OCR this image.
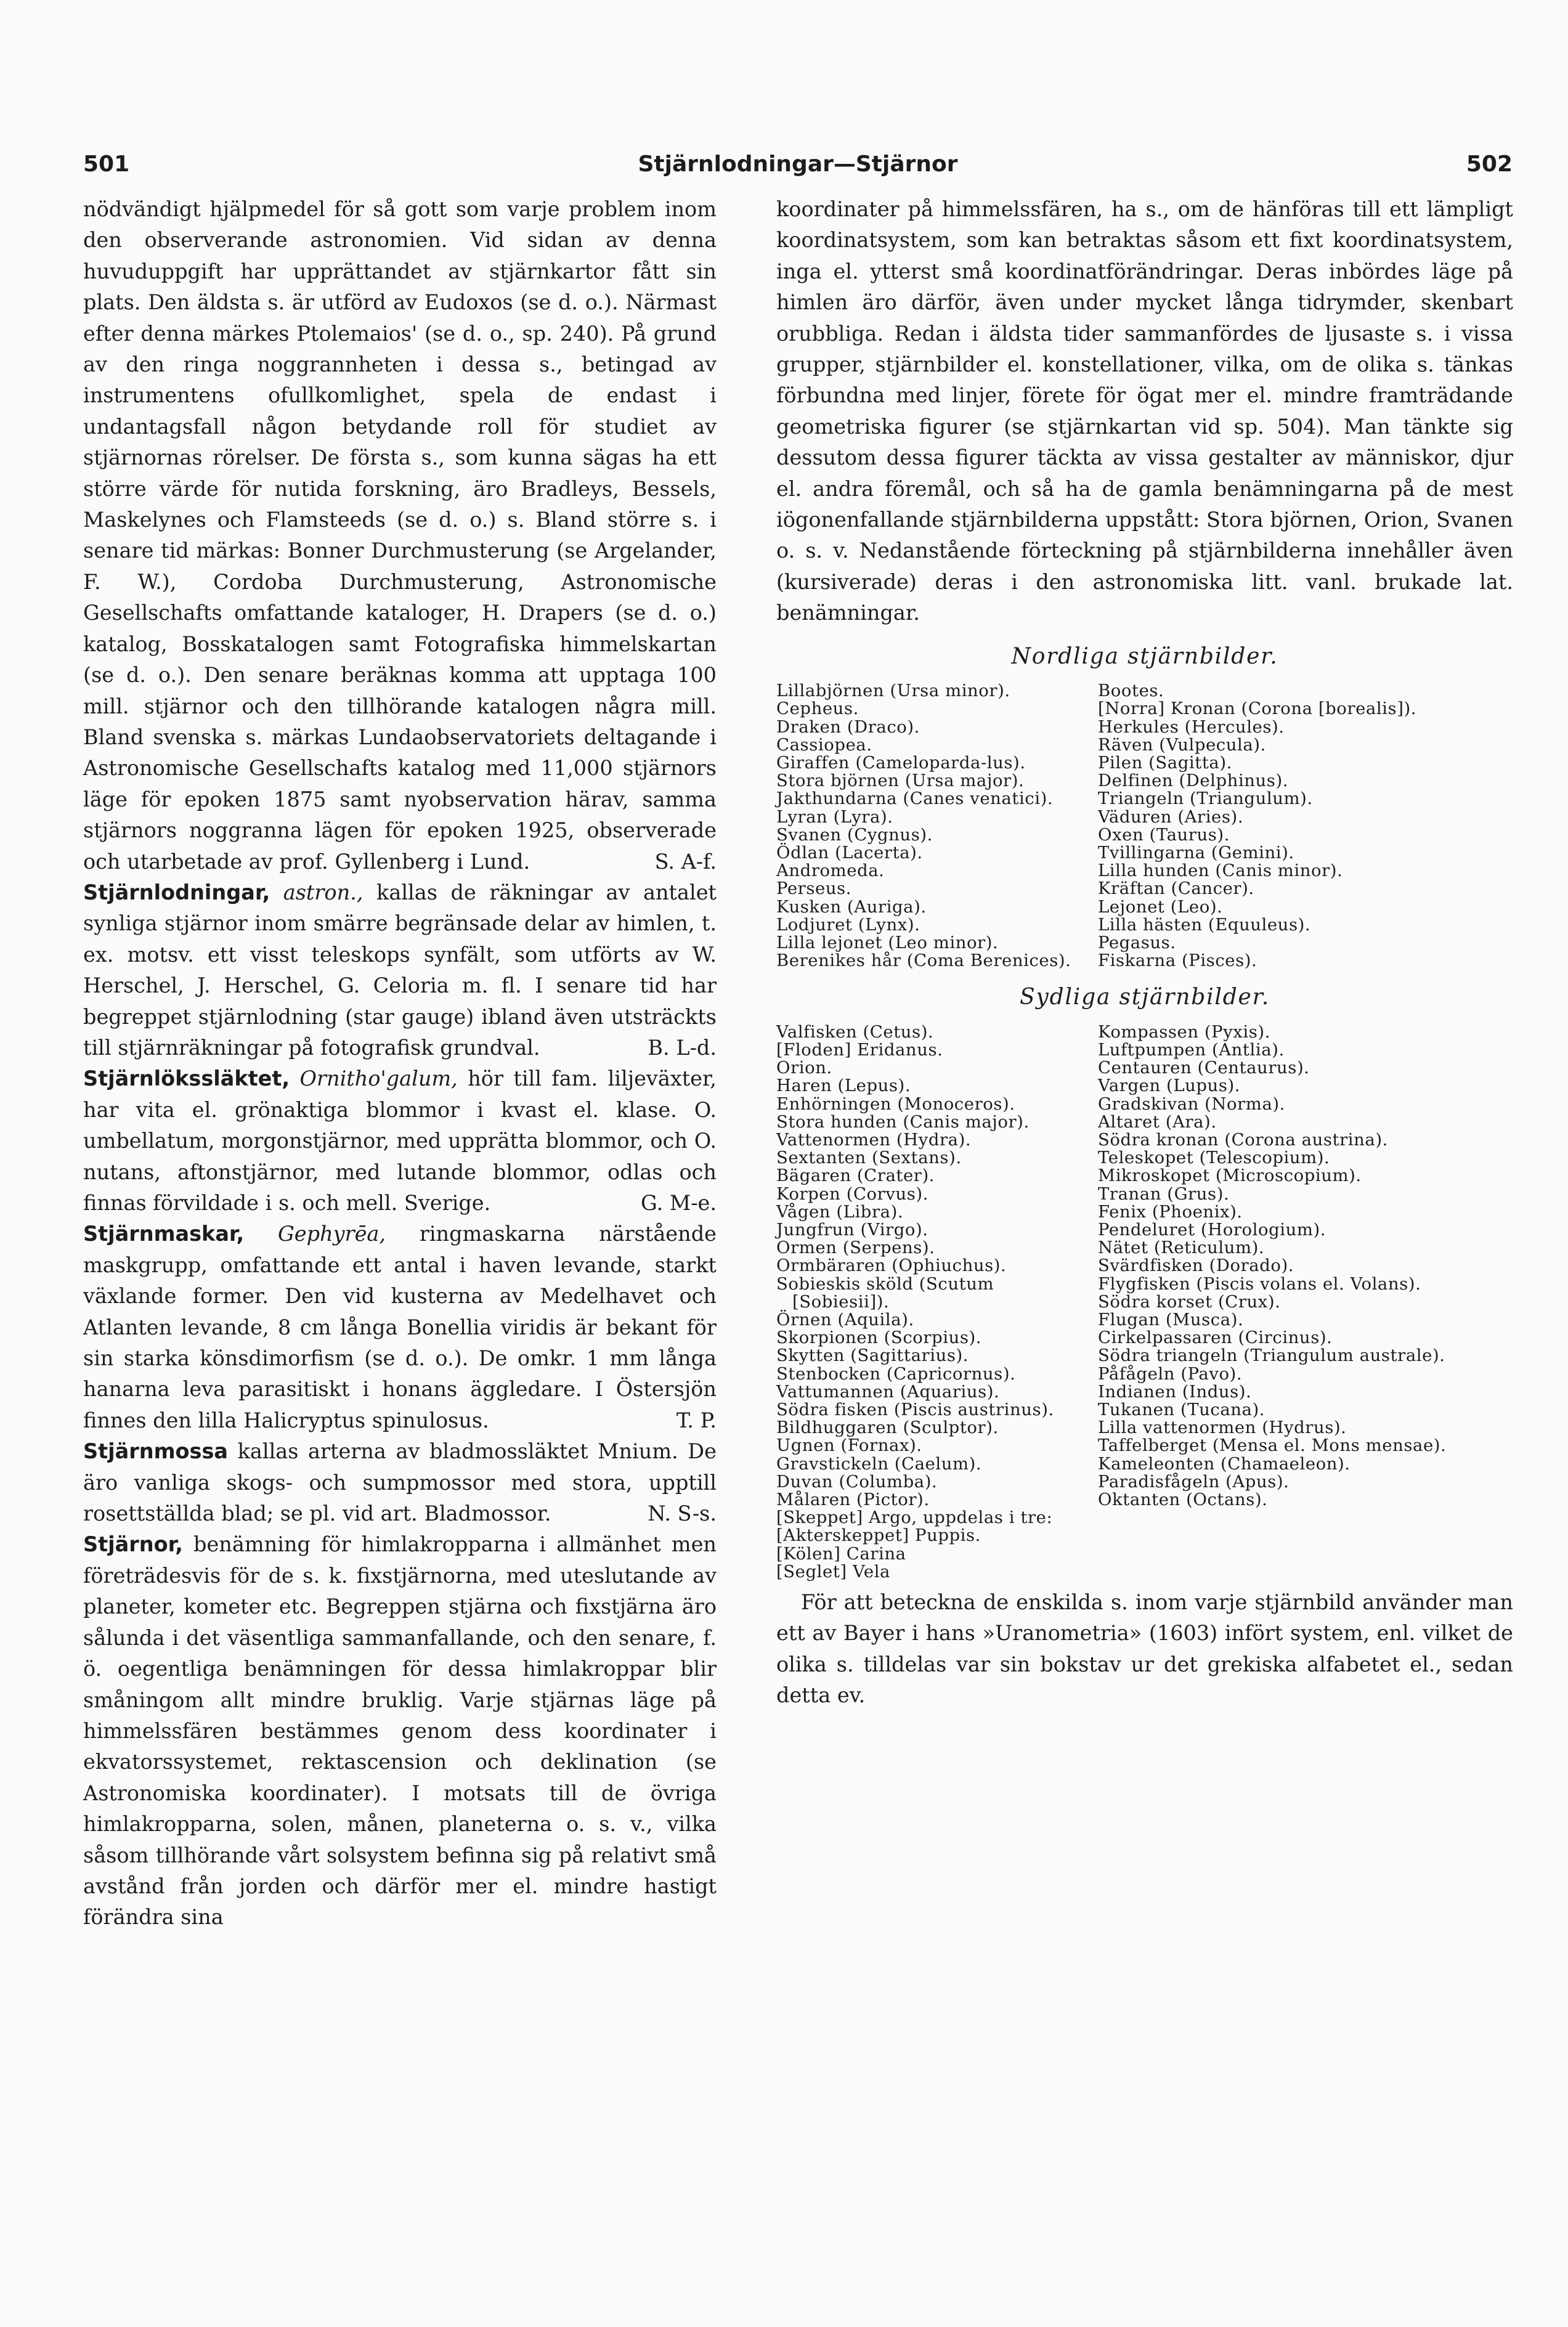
501	Stjärnlodningar—Stjärnor	502

nödvändigt hjälpmedel för så gott som varje problem inom den observerande astronomien. Vid sidan av denna huvuduppgift har upprättandet av stjärnkartor fått sin plats. Den äldsta s. är utförd av Eudoxos (se d. o.). Närmast efter denna märkes Ptolemaios' (se d. o., sp. 240). På grund av den ringa noggrannheten i dessa s., betingad av instrumentens ofullkomlighet, spela de endast i undantagsfall någon betydande roll för studiet av stjärnornas rörelser. De första s., som kunna sägas ha ett större värde för nutida forskning, äro Bradleys, Bessels, Maskelynes och Flamsteeds (se d. o.) s. Bland större s. i senare tid märkas: Bonner Durchmusterung (se Argelander, F. W.), Cordoba Durchmusterung, Astronomische Gesellschafts omfattande kataloger, H. Drapers (se d. o.) katalog, Bosskatalogen samt Fotografiska himmelskartan (se d. o.). Den senare beräknas komma att upptaga 100 mill. stjärnor och den tillhörande katalogen några mill. Bland svenska s. märkas Lundaobservatoriets deltagande i Astronomische Gesellschafts katalog med 11,000 stjärnors läge för epoken 1875 samt nyobservation härav, samma stjärnors noggranna lägen för epoken 1925, observerade och utarbetade av prof. Gyllenberg i Lund.	S. A-f.

Stjärnlodningar, astron., kallas de räkningar av antalet synliga stjärnor inom smärre begränsade delar av himlen, t. ex. motsv. ett visst teleskops synfält, som utförts av W. Herschel, J. Herschel, G. Celoria m. fl. I senare tid har begreppet stjärnlodning (star gauge) ibland även utsträckts till stjärnräkningar på fotografisk grundval.	B. L-d.

Stjärnlökssläktet, Ornitho'galum, hör till fam. liljeväxter, har vita el. grönaktiga blommor i kvast el. klase. O. umbellatum, morgonstjärnor, med upprätta blommor, och O. nutans, aftonstjärnor, med lutande blommor, odlas och finnas förvildade i s. och mell. Sverige.	G. M-e.

Stjärnmaskar, Gephyrēa, ringmaskarna närstående maskgrupp, omfattande ett antal i haven levande, starkt växlande former. Den vid kusterna av Medelhavet och Atlanten levande, 8 cm långa Bonellia viridis är bekant för sin starka könsdimorfism (se d. o.). De omkr. 1 mm långa hanarna leva parasitiskt i honans äggledare. I Östersjön finnes den lilla Halicryptus spinulosus.	T. P.

Stjärnmossa kallas arterna av bladmossläktet Mnium. De äro vanliga skogs- och sumpmossor med stora, upptill rosettställda blad; se pl. vid art. Bladmossor.	N. S-s.

Stjärnor, benämning för himlakropparna i allmänhet men företrädesvis för de s. k. fixstjärnorna, med uteslutande av planeter, kometer etc. Begreppen stjärna och fixstjärna äro sålunda i det väsentliga sammanfallande, och den senare, f. ö. oegentliga benämningen för dessa himlakroppar blir småningom allt mindre bruklig. Varje stjärnas läge på himmelssfären bestämmes genom dess koordinater i ekvatorssystemet, rektascension och deklination (se Astronomiska koordinater). I motsats till de övriga himlakropparna, solen, månen, planeterna o. s. v., vilka såsom tillhörande vårt solsystem befinna sig på relativt små avstånd från jorden och därför mer el. mindre hastigt förändra sina

koordinater på himmelssfären, ha s., om de hänföras till ett lämpligt koordinatsystem, som kan betraktas såsom ett fixt koordinatsystem, inga el. ytterst små koordinatförändringar. Deras inbördes läge på himlen äro därför, även under mycket långa tidrymder, skenbart orubbliga. Redan i äldsta tider sammanfördes de ljusaste s. i vissa grupper, stjärnbilder el. konstellationer, vilka, om de olika s. tänkas förbundna med linjer, förete för ögat mer el. mindre framträdande geometriska figurer (se stjärnkartan vid sp. 504). Man tänkte sig dessutom dessa figurer täckta av vissa gestalter av människor, djur el. andra föremål, och så ha de gamla benämningarna på de mest iögonenfallande stjärnbilderna uppstått: Stora björnen, Orion, Svanen o. s. v. Nedanstående förteckning på stjärnbilderna innehåller även (kursiverade) deras i den astronomiska litt. vanl. brukade lat. benämningar.

Nordliga stjärnbilder.
Lillabjörnen (Ursa minor).
Cepheus.
Draken (Draco).
Cassiopea.
Giraffen (Cameloparda-lus).
Stora björnen (Ursa major).
Jakthundarna (Canes venatici).
Lyran (Lyra).
Svanen (Cygnus).
Ödlan (Lacerta).
Andromeda.
Perseus.
Kusken (Auriga).
Lodjuret (Lynx).
Lilla lejonet (Leo minor).
Berenikes hår (Coma Berenices).
Bootes.
[Norra] Kronan (Corona [borealis]).
Herkules (Hercules).
Räven (Vulpecula).
Pilen (Sagitta).
Delfinen (Delphinus).
Triangeln (Triangulum).
Väduren (Aries).
Oxen (Taurus).
Tvillingarna (Gemini).
Lilla hunden (Canis minor).
Kräftan (Cancer).
Lejonet (Leo).
Lilla hästen (Equuleus).
Pegasus.
Fiskarna (Pisces).
Sydliga stjärnbilder.
Valfisken (Cetus).
[Floden] Eridanus.
Orion.
Haren (Lepus).
Enhörningen (Monoceros).
Stora hunden (Canis major).
Vattenormen (Hydra).
Sextanten (Sextans).
Bägaren (Crater).
Korpen (Corvus).
Vågen (Libra).
Jungfrun (Virgo).
Ormen (Serpens).
Ormbäraren (Ophiuchus).
Sobieskis sköld (Scutum [Sobiesii]).
Örnen (Aquila).
Skorpionen (Scorpius).
Skytten (Sagittarius).
Stenbocken (Capricornus).
Vattumannen (Aquarius).
Södra fisken (Piscis austrinus).
Bildhuggaren (Sculptor).
Ugnen (Fornax).
Gravstickeln (Caelum).
Duvan (Columba).
Målaren (Pictor).
[Skeppet] Argo, uppdelas i tre:
[Akterskeppet] Puppis.
[Kölen] Carina
[Seglet] Vela
Kompassen (Pyxis).
Luftpumpen (Antlia).
Centauren (Centaurus).
Vargen (Lupus).
Gradskivan (Norma).
Altaret (Ara).
Södra kronan (Corona austrina).
Teleskopet (Telescopium).
Mikroskopet (Microscopium).
Tranan (Grus).
Fenix (Phoenix).
Pendeluret (Horologium).
Nätet (Reticulum).
Svärdfisken (Dorado).
Flygfisken (Piscis volans el. Volans).
Södra korset (Crux).
Flugan (Musca).
Cirkelpassaren (Circinus).
Södra triangeln (Triangulum australe).
Påfågeln (Pavo).
Indianen (Indus).
Tukanen (Tucana).
Lilla vattenormen (Hydrus).
Taffelberget (Mensa el. Mons mensae).
Kameleonten (Chamaeleon).
Paradisfågeln (Apus).
Oktanten (Octans).

För att beteckna de enskilda s. inom varje stjärnbild använder man ett av Bayer i hans »Uranometria» (1603) infört system, enl. vilket de olika s. tilldelas var sin bokstav ur det grekiska alfabetet el., sedan detta ev.
